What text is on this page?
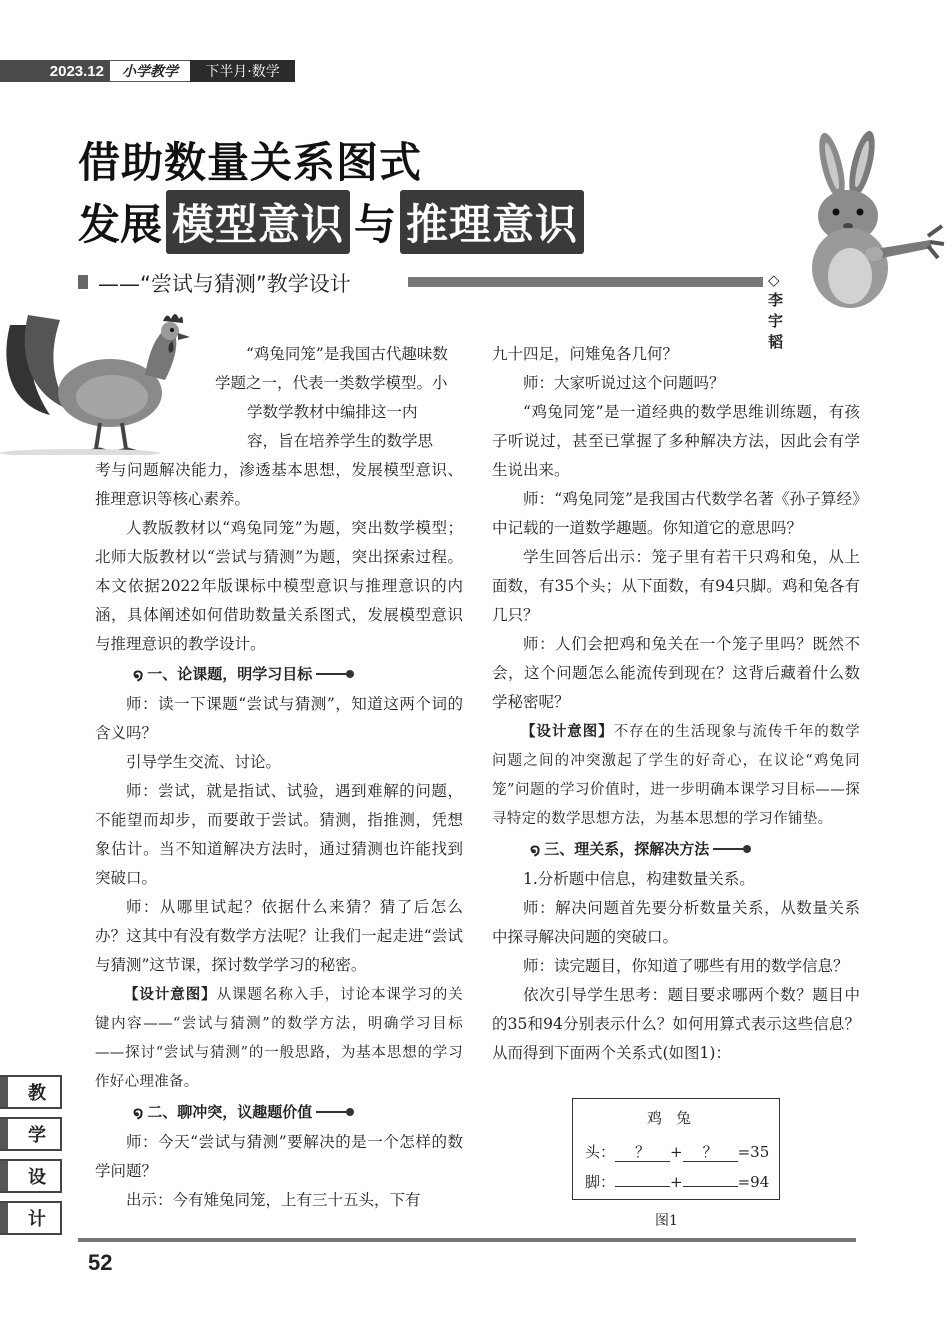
2023.12	小学教学	下半月·数学
借助数量关系图式
发展 模型意识 与 推理意识
——“尝试与猜测”教学设计	◇李宇韬

“鸡兔同笼”是我国古代趣味数

学题之一，代表一类数学模型。小

学数学教材中编排这一内

容，旨在培养学生的数学思

考与问题解决能力，渗透基本思想，发展模型意识、推理意识等核心素养。

人教版教材以“鸡兔同笼”为题，突出数学模型；北师大版教材以“尝试与猜测”为题，突出探索过程。本文依据2022年版课标中模型意识与推理意识的内涵，具体阐述如何借助数量关系图式，发展模型意识与推理意识的教学设计。

໑ 一、论课题，明学习目标

师：读一下课题“尝试与猜测”，知道这两个词的含义吗？

引导学生交流、讨论。

师：尝试，就是指试、试验，遇到难解的问题，不能望而却步，而要敢于尝试。猜测，指推测，凭想象估计。当不知道解决方法时，通过猜测也许能找到突破口。

师：从哪里试起？依据什么来猜？猜了后怎么办？这其中有没有数学方法呢？让我们一起走进“尝试与猜测”这节课，探讨数学学习的秘密。

【设计意图】从课题名称入手，讨论本课学习的关键内容——“尝试与猜测”的数学方法，明确学习目标——探讨“尝试与猜测”的一般思路，为基本思想的学习作好心理准备。

໑ 二、聊冲突，议趣题价值

师：今天“尝试与猜测”要解决的是一个怎样的数学问题？

出示：今有雉兔同笼，上有三十五头，下有

九十四足，问雉兔各几何？

师：大家听说过这个问题吗？

“鸡兔同笼”是一道经典的数学思维训练题，有孩子听说过，甚至已掌握了多种解决方法，因此会有学生说出来。

师：“鸡兔同笼”是我国古代数学名著《孙子算经》中记载的一道数学趣题。你知道它的意思吗？

学生回答后出示：笼子里有若干只鸡和兔，从上面数，有35个头；从下面数，有94只脚。鸡和兔各有几只？

师：人们会把鸡和兔关在一个笼子里吗？既然不会，这个问题怎么能流传到现在？这背后藏着什么数学秘密呢？

【设计意图】不存在的生活现象与流传千年的数学问题之间的冲突激起了学生的好奇心，在议论“鸡兔同笼”问题的学习价值时，进一步明确本课学习目标——探寻特定的数学思想方法，为基本思想的学习作铺垫。

໑ 三、理关系，探解决方法

1.分析题中信息，构建数量关系。

师：解决问题首先要分析数量关系，从数量关系中探寻解决问题的突破口。

师：读完题目，你知道了哪些有用的数学信息？

依次引导学生思考：题目要求哪两个数？题目中的35和94分别表示什么？如何用算式表示这些信息？从而得到下面两个关系式(如图1)：

鸡兔
头： ？ + ？ =35
脚：	+	=94
图1
教
学
设
计
52
